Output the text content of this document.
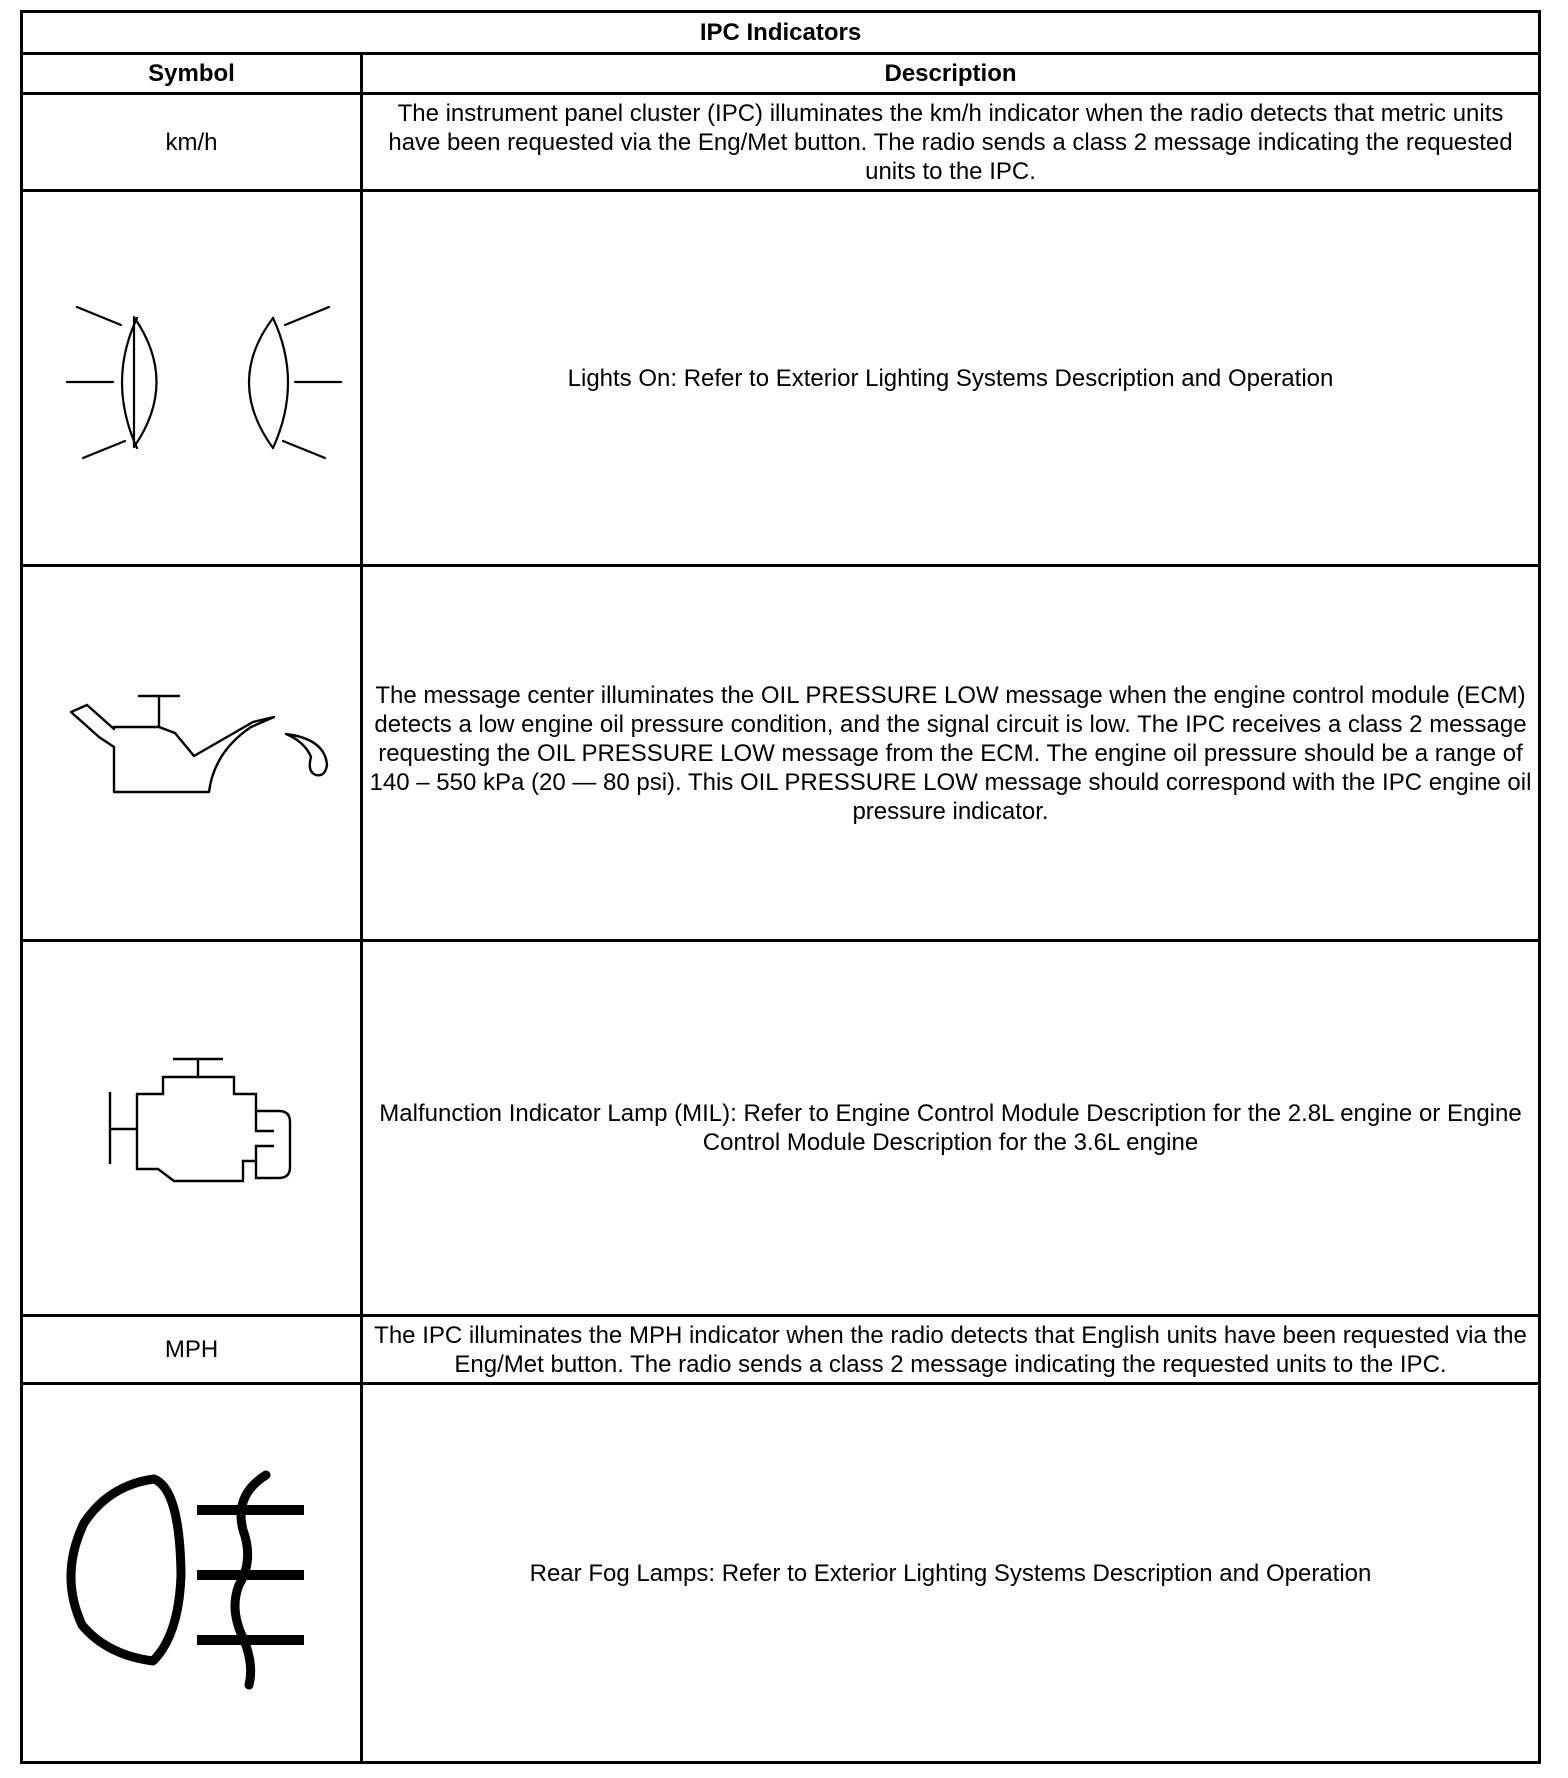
IPC Indicators	
Symbol	Description
km/h	The instrument panel cluster (IPC) illuminates the km/h indicator when the radio detects that metric units have been requested via the Eng/Met button. The radio sends a class 2 message indicating the requested units to the IPC.

	Lights On: Refer to Exterior Lighting Systems Description and Operation

	The message center illuminates the OIL PRESSURE LOW message when the engine control module (ECM) detects a low engine oil pressure condition, and the signal circuit is low. The IPC receives a class 2 message requesting the OIL PRESSURE LOW message from the ECM. The engine oil pressure should be a range of 140 – 550 kPa (20 — 80 psi). This OIL PRESSURE LOW message should correspond with the IPC engine oil pressure indicator.

	Malfunction Indicator Lamp (MIL): Refer to Engine Control Module Description for the 2.8L engine or Engine Control Module Description for the 3.6L engine
MPH	The IPC illuminates the MPH indicator when the radio detects that English units have been requested via the Eng/Met button. The radio sends a class 2 message indicating the requested units to the IPC.

	Rear Fog Lamps: Refer to Exterior Lighting Systems Description and Operation
